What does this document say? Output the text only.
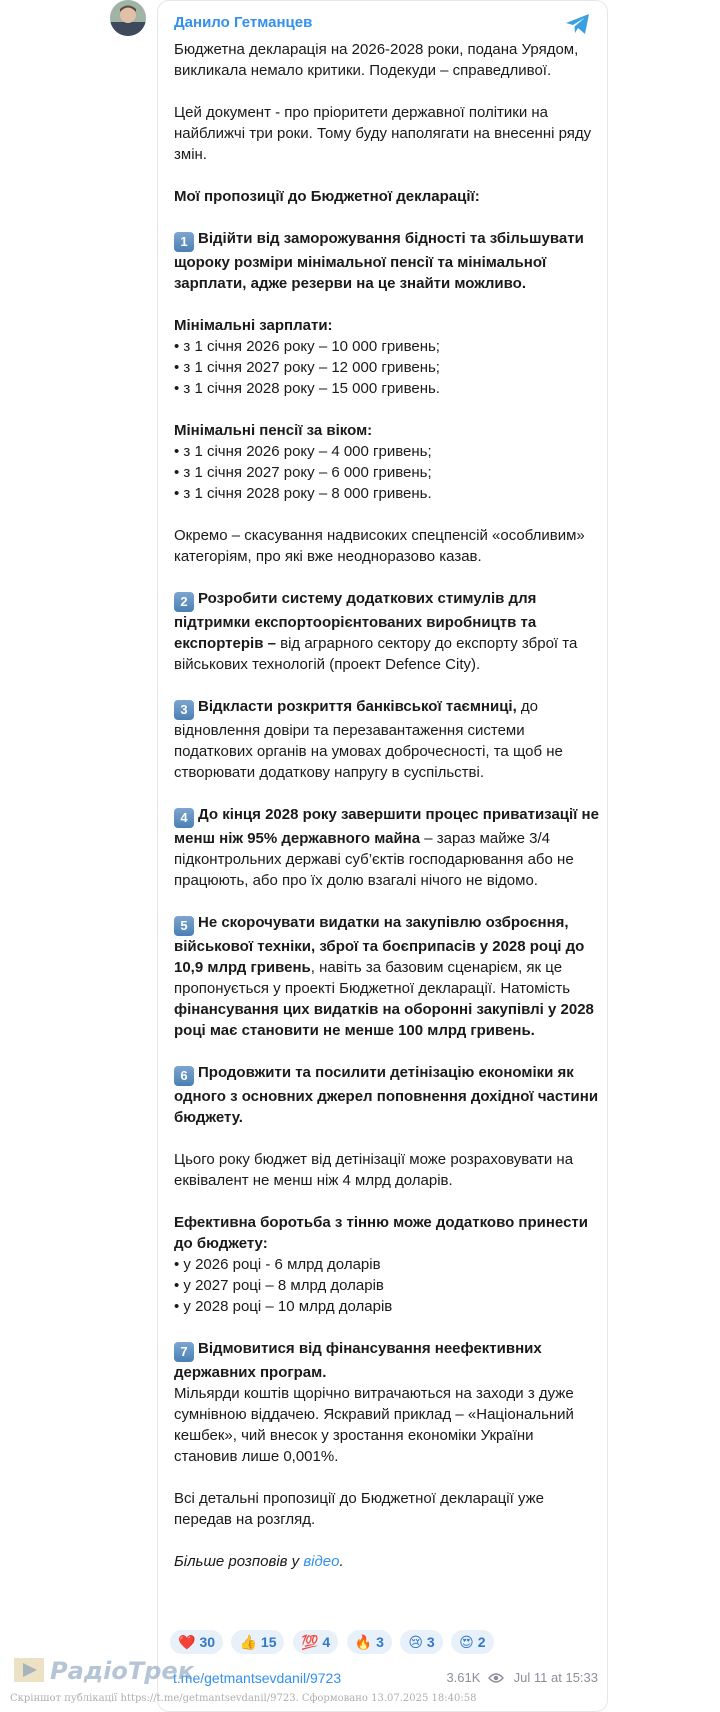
Данило Гетманцев

Бюджетна декларація на 2026-2028 роки, подана Урядом, викликала немало критики. Подекуди – справедливої.

Цей документ - про пріоритети державної політики на найближчі три роки. Тому буду наполягати на внесенні ряду змін.

Мої пропозиції до Бюджетної декларації:

1 Відійти від заморожування бідності та збільшувати щороку розміри мінімальної пенсії та мінімальної зарплати, адже резерви на це знайти можливо.

Мінімальні зарплати:
• з 1 січня 2026 року – 10 000 гривень;
• з 1 січня 2027 року – 12 000 гривень;
• з 1 січня 2028 року – 15 000 гривень.
Мінімальні пенсії за віком:
• з 1 січня 2026 року – 4 000 гривень;
• з 1 січня 2027 року – 6 000 гривень;
• з 1 січня 2028 року – 8 000 гривень.

Окремо – скасування надвисоких спецпенсій «особливим» категоріям, про які вже неодноразово казав.

2 Розробити систему додаткових стимулів для підтримки експортоорієнтованих виробництв та експортерів – від аграрного сектору до експорту зброї та військових технологій (проект Defence City).

3 Відкласти розкриття банківської таємниці, до відновлення довіри та перезавантаження системи податкових органів на умовах доброчесності, та щоб не створювати додаткову напругу в суспільстві.

4 До кінця 2028 року завершити процес приватизації не менш ніж 95% державного майна – зараз майже 3/4 підконтрольних державі суб’єктів господарювання або не працюють, або про їх долю взагалі нічого не відомо.

5 Не скорочувати видатки на закупівлю озброєння, військової техніки, зброї та боєприпасів у 2028 році до 10,9 млрд гривень, навіть за базовим сценарієм, як це пропонується у проекті Бюджетної декларації. Натомість фінансування цих видатків на оборонні закупівлі у 2028 році має становити не менше 100 млрд гривень.

6 Продовжити та посилити детінізацію економіки як одного з основних джерел поповнення дохідної частини бюджету.

Цього року бюджет від детінізації може розраховувати на еквівалент не менш ніж 4 млрд доларів.

Ефективна боротьба з тінню може додатково принести до бюджету:
• у 2026 році - 6 млрд доларів
• у 2027 році – 8 млрд доларів
• у 2028 році – 10 млрд доларів
7 Відмовитися від фінансування неефективних державних програм.
Мільярди коштів щорічно витрачаються на заходи з дуже сумнівною віддачею. Яскравий приклад – «Національний кешбек», чий внесок у зростання економіки України становив лише 0,001%.

Всі детальні пропозиції до Бюджетної декларації уже передав на розгляд.

Більше розповів у відео.

❤️ 30 👍 15 💯 4 🔥 3 😢 3 😍 2
t.me/getmantsevdanil/9723	3.61K	Jul 11 at 15:33
РадіоТрек
Скріншот публікації https://t.me/getmantsevdanil/9723. Сформовано 13.07.2025 18:40:58
